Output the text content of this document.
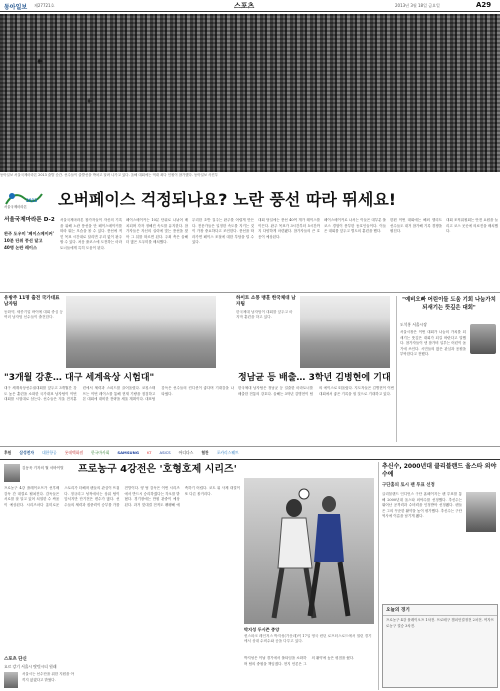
동아일보 제27721호	스포츠	2013년 3월 18일 금요일	A29
동아일보 서울국제마라톤 2013 출발 순간. 선수들이 출발선을 박차고 달려 나가고 있다. 올해 대회에는 역대 최다 인원이 참가했다. 동아일보 사진부
2013
서울국제마라톤
서울국제마라톤 D-2
오버페이스 걱정되나요? 노란 풍선 따라 뛰세요!
완주 도우미 '페이스메이커'
10분 단위 풍선 달고
40명 논란 레이스
서울국제마라톤 참가자들이 자신의 기록을 위해 노란 풍선을 단 페이스메이커를 따라 뛰는 모습을 볼 수 있다. 풍선에 적힌 목표 시간대로 달리면 무리 없이 완주할 수 있다. 처음 풀코스에 도전하는 마라토너들에게 특히 도움이 된다.
페이스메이커는 10분 단위로 나뉘어 배치되며 각자 정해진 속도를 유지한다. 참가자들은 자신의 실력에 맞는 풍선을 찾아 그 뒤를 따르면 된다. 주최 측은 올해 더 많은 도우미를 배치했다.
무리한 초반 질주는 완주를 어렵게 만든다. 전문가들은 일정한 속도를 지키는 것이 가장 중요하다고 조언한다. 풍선을 따라가면 페이스 조절에 대한 부담을 덜 수 있다.
대회 당일에는 풍선 40여 개가 레이스를 이끈다. 완주 목표가 3시간부터 5시간까지 다양하게 마련됐다. 참가자들의 큰 호응이 예상된다.
페이스메이커로 나서는 이들은 대부분 풀코스 경험이 풍부한 동호인들이다. 이들은 대회를 앞두고 별도의 훈련을 했다.
한편 이번 대회에는 해외 엘리트 선수들도 대거 참가해 기록 경쟁을 펼친다.
대회 조직위원회는 안전 요원을 늘리고 코스 곳곳에 의료진을 배치했다.
유방주 11명 출전 국가대표 남자팀
동화약, 세종기업 바이에 대회 중심 등 여러 남자팀 선수들이 출전한다.
하이트 소풍 맹훈 한국체대 남자팀
한국체대 남자팀이 대회를 앞두고 마지막 훈련을 하고 있다.
"3개월 강훈… 대구 세계육상 시험대"	정남균 등 배출… 3학년 김병현에 기대
대구 세계육상선수권대회를 앞두고 3개월간 강도 높은 훈련을 소화한 국가대표 남자팀이 이번 대회를 시험대로 삼는다. 선수들은 겨울 전지훈련에서 체력과 스피드를 끌어올렸다. 코칭스태프는 이번 레이스를 통해 현재 기량을 점검하고 본 대회에 대비한 전략을 세울 계획이다. 대표팀 감독은 선수들의 컨디션이 좋다며 기대감을 나타냈다.
한국체대 남자팀은 정남균 등 걸출한 마라토너를 배출한 전통의 강호다. 올해는 3학년 김병현이 팀의 에이스로 떠올랐다. 지도자들은 김병현이 이번 대회에서 좋은 기록을 낼 것으로 기대하고 있다.
"예비오빠 어린이들 도움 기회 나눔가치 되새기는 뜻깊은 대회"
도석홍 서울시장
서울시장은 이번 대회가 나눔의 가치를 되새기는 뜻깊은 대회가 되길 바란다고 말했다. 참가자들이 낸 참가비 일부는 어린이 돕기에 쓰인다. 시민들의 많은 관심과 응원을 부탁한다고 전했다.
후원 삼성전자 대한항공 롯데백화점 한국마사회 SAMSUNG KT ASICS 아디다스 협찬 포카리스웨트
김동욱 기자의 월 서바이벌	프로농구 4강전은 '호형호제 시리즈'
프로농구 4강 플레이오프가 선후배 감독 간 대결로 펼쳐진다. 감독들은 서로를 잘 알고 있어 치열한 수 싸움이 예상된다. 시리즈마다 흥미로운 스토리가 더해져 팬들의 관심이 뜨겁다. 정규리그 성적에서는 상위 팀이 앞서지만 단기전은 변수가 많다. 선수들의 체력과 집중력이 승부를 가를 전망이다. 양 팀 감독은 이번 시리즈에서 반드시 승리하겠다는 각오를 밝혔다. 경기장에는 만원 관중이 예상된다. 과거 맞대결 전적도 팽팽해 예측하기 어렵다. 코트 위 사제 대결이 또 다른 볼거리다.
스포츠 단신
요르 강기 서울시 탓텃시티 원래
서울시는 선수단을 위한 지원을 아끼지 않겠다고 밝혔다.
박지성 두시즌 중앙
퀸스파크 레인저스 박지성(가운데)이 17일 영국 런던 로프터스로드에서 열린 경기에서 상대 수비수와 공을 다투고 있다.
박지성은 이날 경기에서 풀타임을 소화하며 팀의 중원을 책임졌다. 현지 언론은 그의 활약에 높은 평점을 줬다.
추신수, 2000년대 클리블랜드 올스타 외야수에
구단홈피 토시 팬 투표 선정
클리블랜드 인디언스 구단 홈페이지는 팬 투표를 통해 2000년대 올스타 외야수를 선정했다. 추신수는 뛰어난 공격력과 수비력을 인정받아 선정됐다. 팬들은 그의 꾸준한 활약을 높이 평가했다. 추신수는 구단 역사에 이름을 남기게 됐다.
오늘의 경기
프로농구 4강 플레이오프 1차전. 프로배구 챔피언결정전 2차전. 여자프로농구 결승 3차전.
